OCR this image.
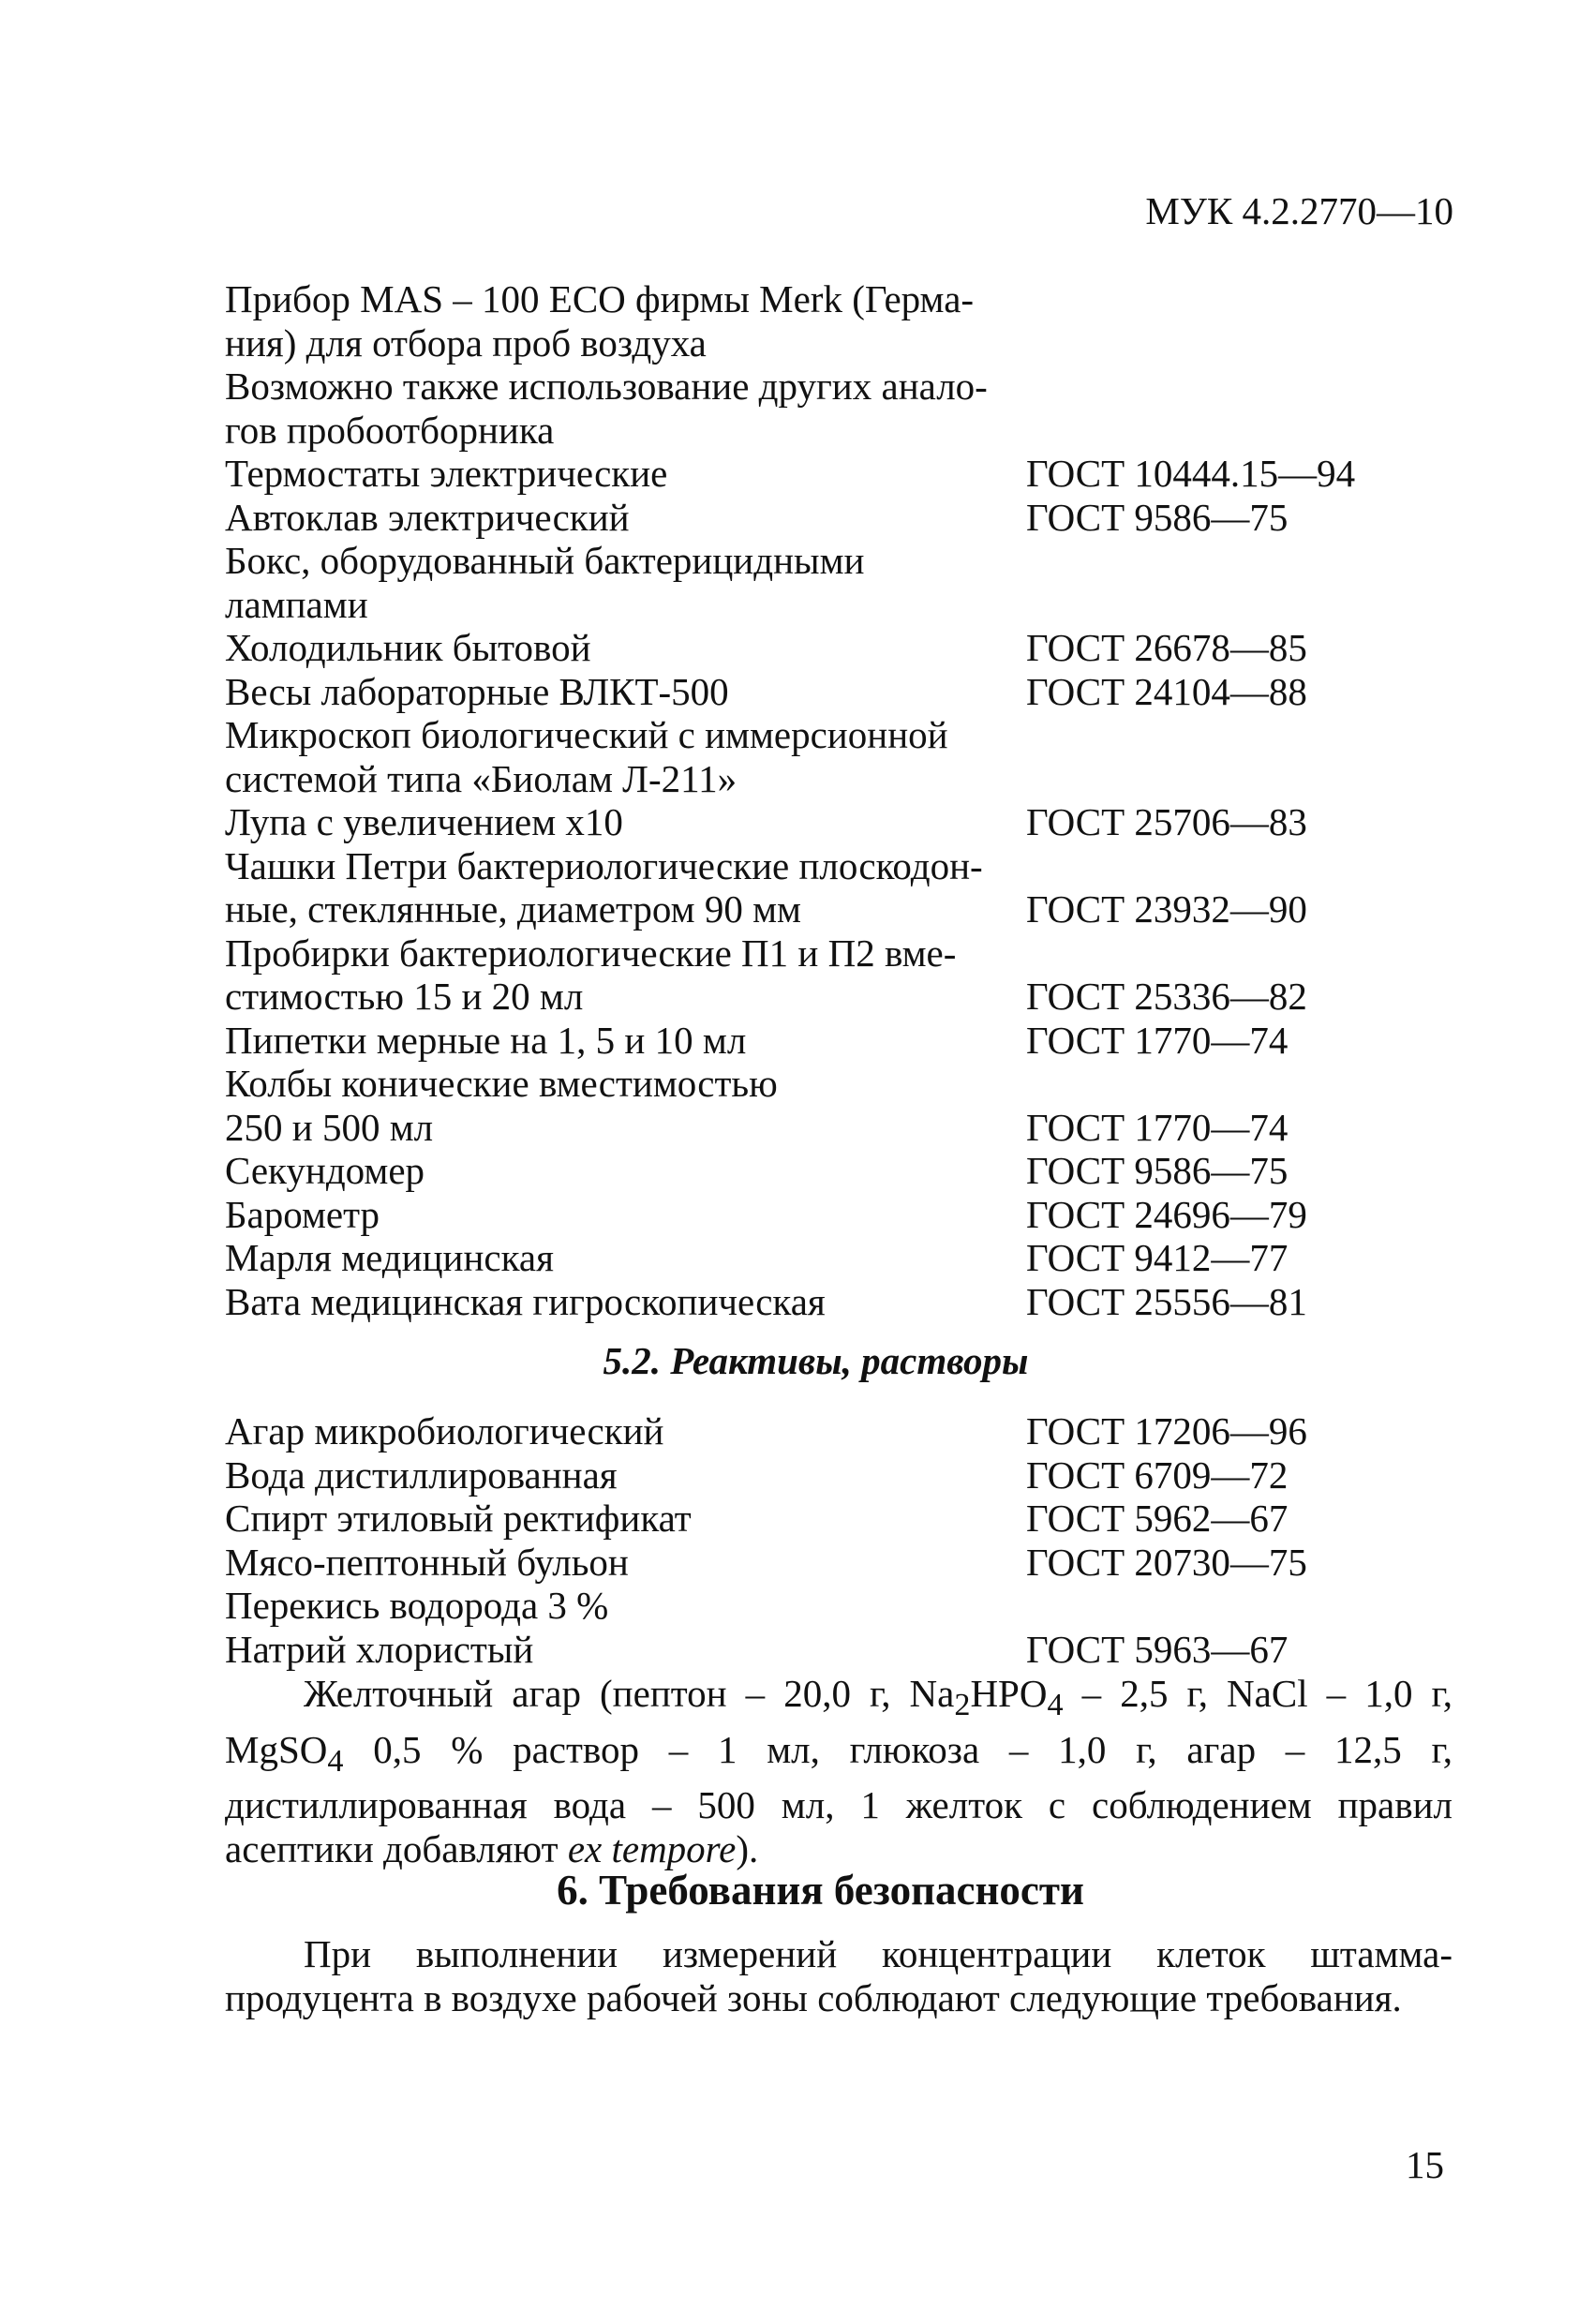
МУК 4.2.2770—10
Прибор MAS – 100 ECO фирмы Merk (Герма-
ния) для отбора проб воздуха
Возможно также использование других анало-
гов пробоотборника
Термостаты электрические	ГОСТ 10444.15—94
Автоклав электрический	ГОСТ 9586—75
Бокс, оборудованный бактерицидными
лампами
Холодильник бытовой	ГОСТ 26678—85
Весы лабораторные ВЛКТ-500	ГОСТ 24104—88
Микроскоп биологический с иммерсионной
системой типа «Биолам Л-211»
Лупа с увеличением х10	ГОСТ 25706—83
Чашки Петри бактериологические плоскодон-
ные, стеклянные, диаметром 90 мм	ГОСТ 23932—90
Пробирки бактериологические П1 и П2 вме-
стимостью 15 и 20 мл	ГОСТ 25336—82
Пипетки мерные на 1, 5 и 10 мл	ГОСТ 1770—74
Колбы конические вместимостью
250 и 500 мл	ГОСТ 1770—74
Секундомер	ГОСТ 9586—75
Барометр	ГОСТ 24696—79
Марля медицинская	ГОСТ 9412—77
Вата медицинская гигроскопическая	ГОСТ 25556—81
5.2. Реактивы, растворы
Агар микробиологический	ГОСТ 17206—96
Вода дистиллированная	ГОСТ 6709—72
Спирт этиловый ректификат	ГОСТ 5962—67
Мясо-пептонный бульон	ГОСТ 20730—75
Перекись водорода 3 %
Натрий хлористый	ГОСТ 5963—67
Желточный агар (пептон – 20,0 г, $Na_2HPO_4 - 2,5$ г, NaCl – 1,0 г, MgSO$_4$ 0,5 % раствор – 1 мл, глюкоза – 1,0 г, агар – 12,5 г, дистиллированная вода – 500 мл, 1 желток с соблюдением правил асептики добавляют ex tempore).
6. Требования безопасности
При выполнении измерений концентрации клеток штамма-продуцента в воздухе рабочей зоны соблюдают следующие требования.
15
